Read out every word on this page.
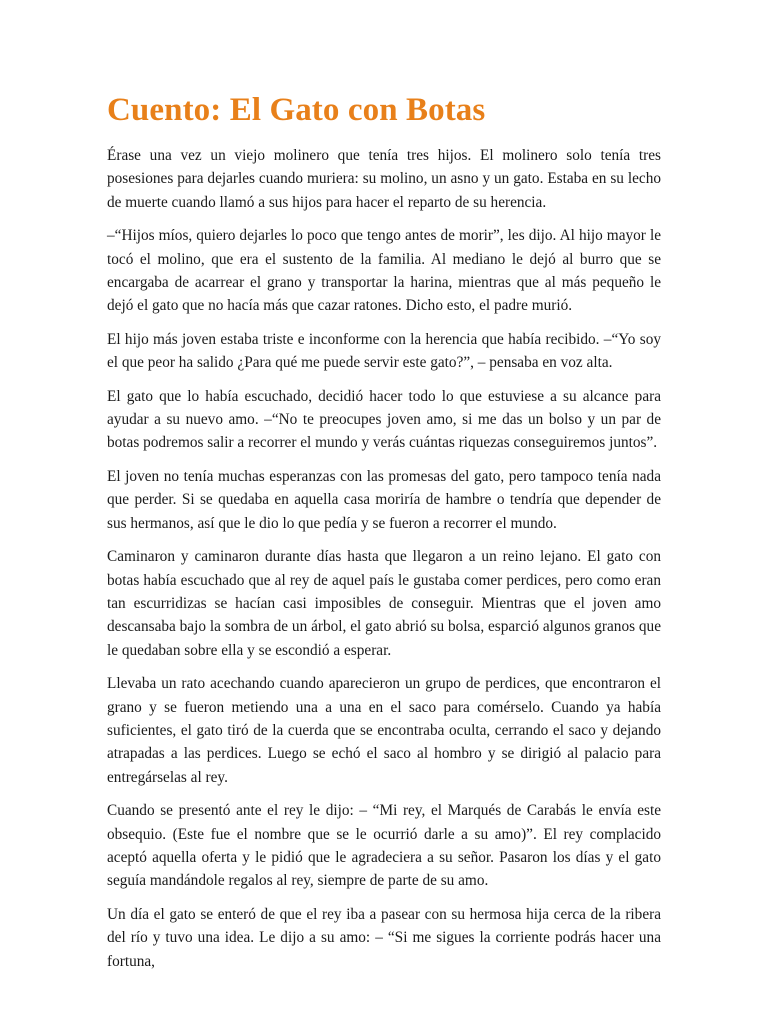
Cuento: El Gato con Botas

Érase una vez un viejo molinero que tenía tres hijos. El molinero solo tenía tres posesiones para dejarles cuando muriera: su molino, un asno y un gato. Estaba en su lecho de muerte cuando llamó a sus hijos para hacer el reparto de su herencia.

–“Hijos míos, quiero dejarles lo poco que tengo antes de morir”, les dijo. Al hijo mayor le tocó el molino, que era el sustento de la familia. Al mediano le dejó al burro que se encargaba de acarrear el grano y transportar la harina, mientras que al más pequeño le dejó el gato que no hacía más que cazar ratones. Dicho esto, el padre murió.

El hijo más joven estaba triste e inconforme con la herencia que había recibido. –“Yo soy el que peor ha salido ¿Para qué me puede servir este gato?”, – pensaba en voz alta.

El gato que lo había escuchado, decidió hacer todo lo que estuviese a su alcance para ayudar a su nuevo amo. –“No te preocupes joven amo, si me das un bolso y un par de botas podremos salir a recorrer el mundo y verás cuántas riquezas conseguiremos juntos”.

El joven no tenía muchas esperanzas con las promesas del gato, pero tampoco tenía nada que perder. Si se quedaba en aquella casa moriría de hambre o tendría que depender de sus hermanos, así que le dio lo que pedía y se fueron a recorrer el mundo.

Caminaron y caminaron durante días hasta que llegaron a un reino lejano. El gato con botas había escuchado que al rey de aquel país le gustaba comer perdices, pero como eran tan escurridizas se hacían casi imposibles de conseguir. Mientras que el joven amo descansaba bajo la sombra de un árbol, el gato abrió su bolsa, esparció algunos granos que le quedaban sobre ella y se escondió a esperar.

Llevaba un rato acechando cuando aparecieron un grupo de perdices, que encontraron el grano y se fueron metiendo una a una en el saco para comérselo. Cuando ya había suficientes, el gato tiró de la cuerda que se encontraba oculta, cerrando el saco y dejando atrapadas a las perdices. Luego se echó el saco al hombro y se dirigió al palacio para entregárselas al rey.

Cuando se presentó ante el rey le dijo: – “Mi rey, el Marqués de Carabás le envía este obsequio. (Este fue el nombre que se le ocurrió darle a su amo)”. El rey complacido aceptó aquella oferta y le pidió que le agradeciera a su señor. Pasaron los días y el gato seguía mandándole regalos al rey, siempre de parte de su amo.

Un día el gato se enteró de que el rey iba a pasear con su hermosa hija cerca de la ribera del río y tuvo una idea. Le dijo a su amo: – “Si me sigues la corriente podrás hacer una fortuna,
